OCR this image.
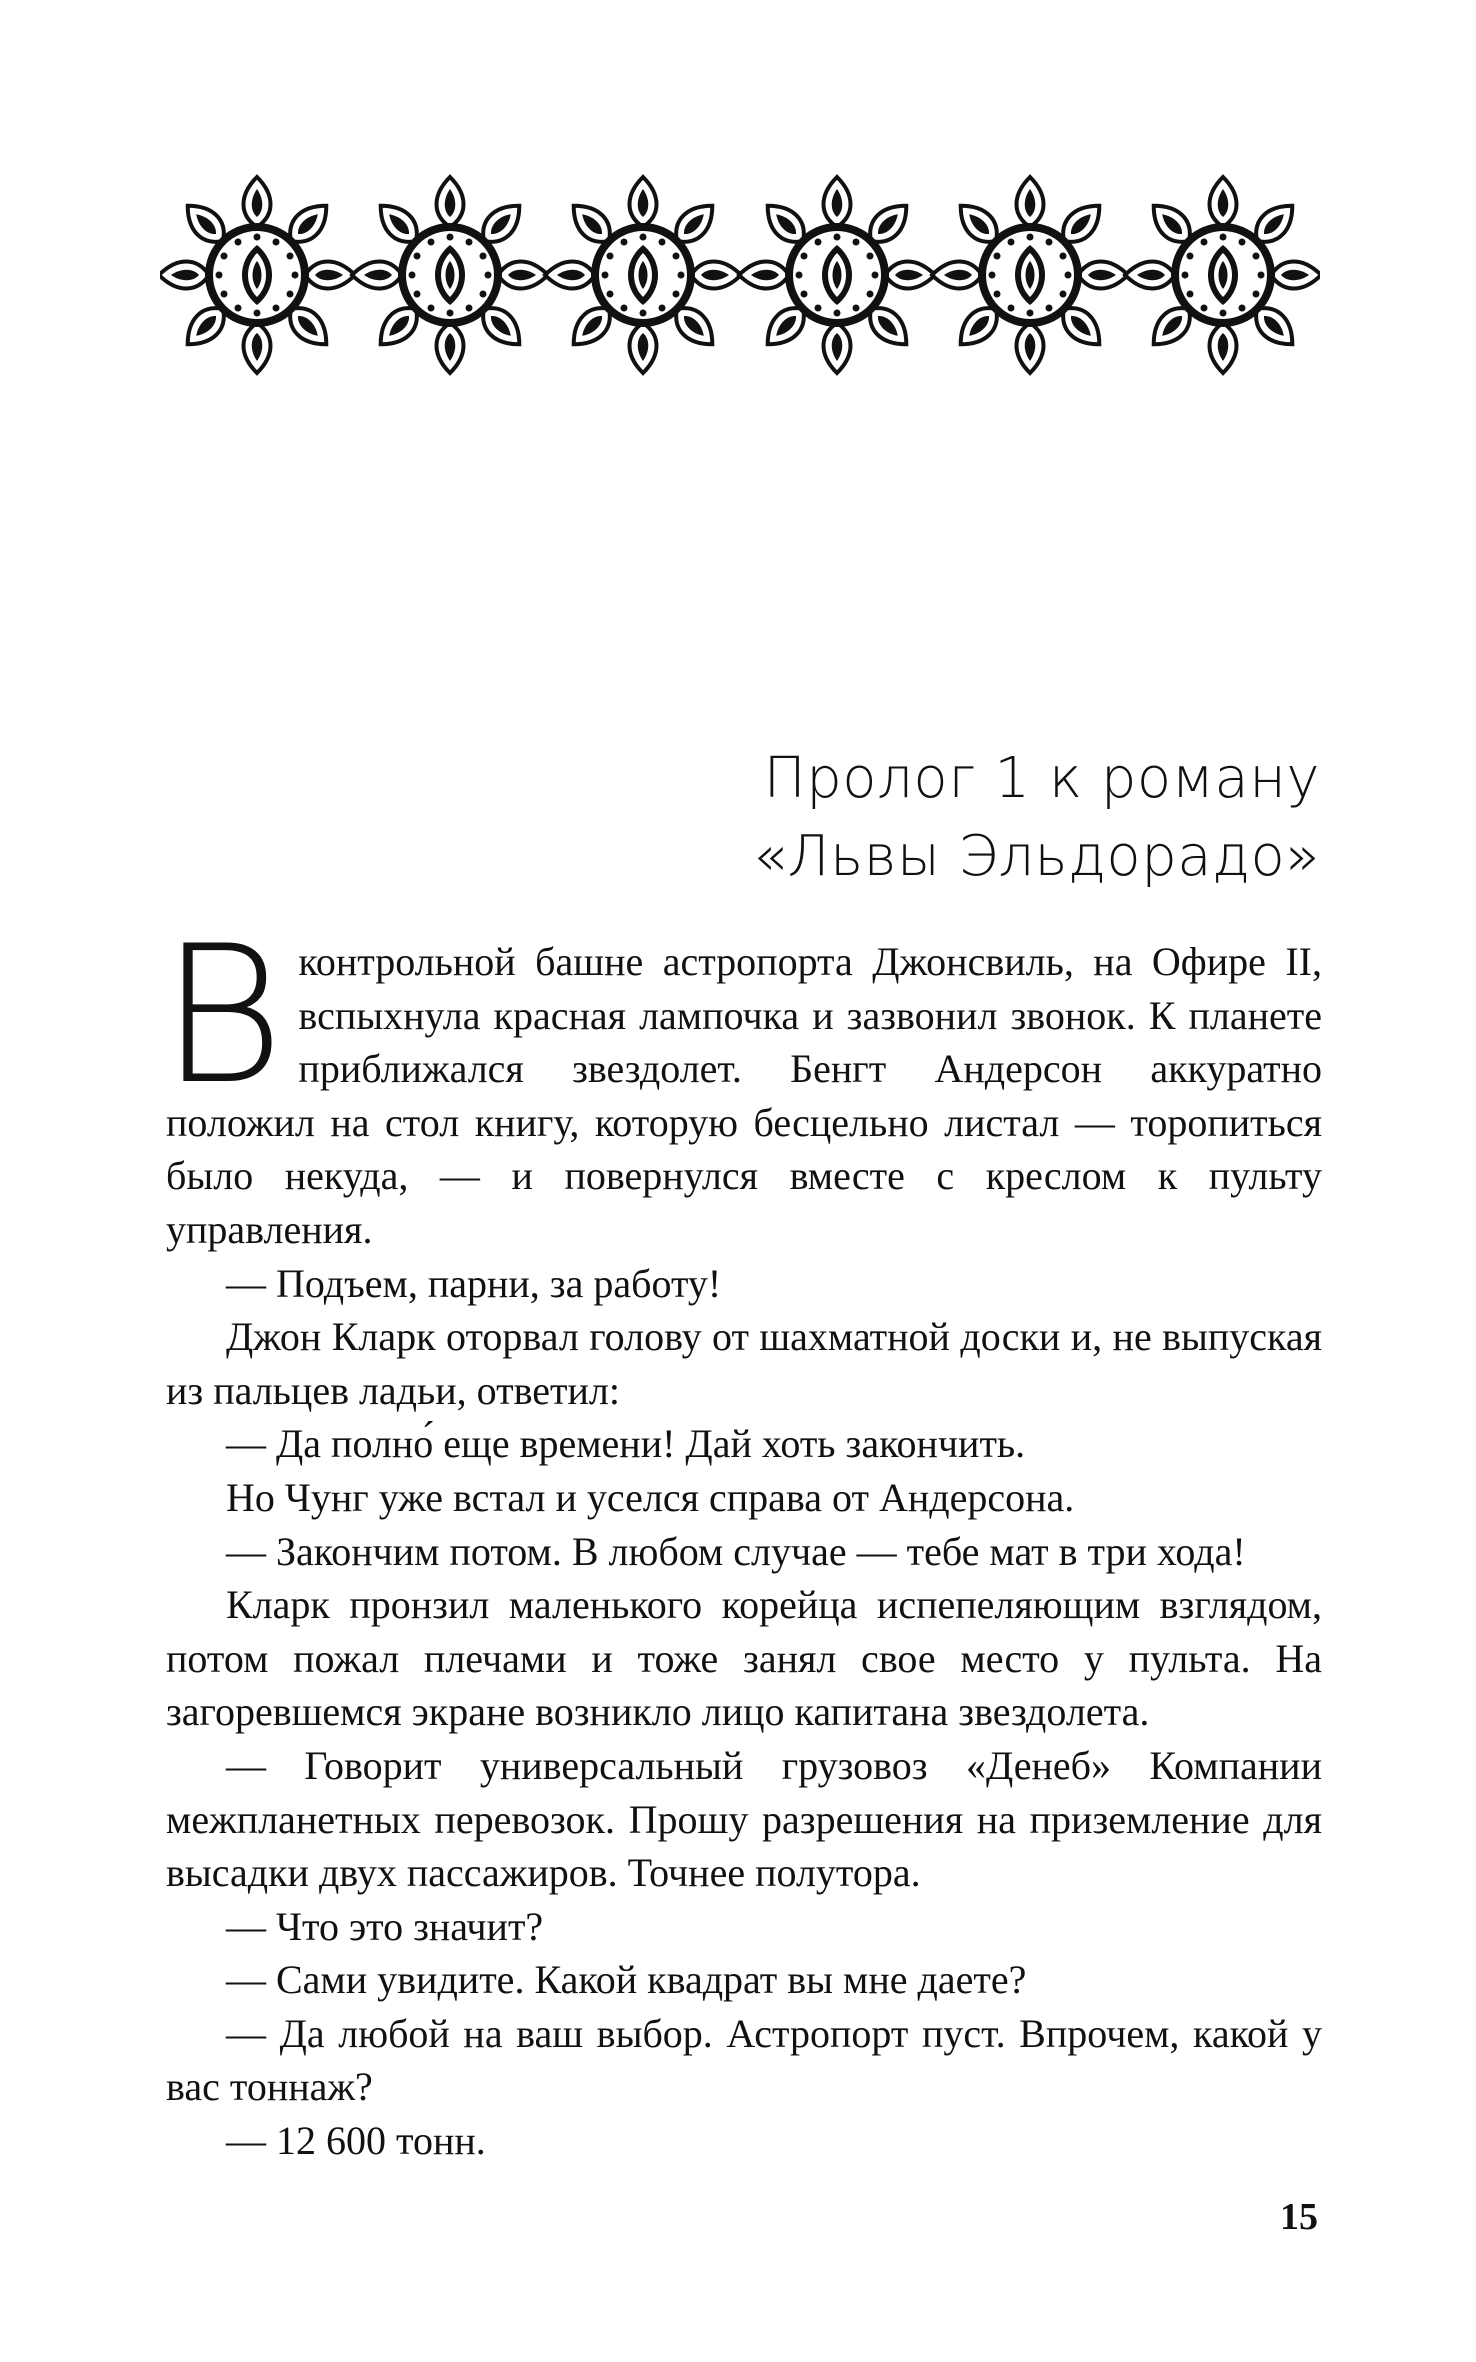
Пролог 1 к роману
«Львы Эльдорадо»

В контрольной башне астропорта Джонсвиль, на Офире II, вспыхнула красная лампочка и зазвонил звонок. К планете приближался звездолет. Бенгт Андерсон аккуратно положил на стол книгу, которую бесцельно листал — торопиться было некуда, — и повернулся вместе с креслом к пульту управления.

— Подъем, парни, за работу!

Джон Кларк оторвал голову от шахматной доски и, не выпуская из пальцев ладьи, ответил:

— Да полно́ еще времени! Дай хоть закончить.

Но Чунг уже встал и уселся справа от Андерсона.

— Закончим потом. В любом случае — тебе мат в три хода!

Кларк пронзил маленького корейца испепеляющим взглядом, потом пожал плечами и тоже занял свое место у пульта. На загоревшемся экране возникло лицо капитана звездолета.

— Говорит универсальный грузовоз «Денеб» Компании межпланетных перевозок. Прошу разрешения на приземление для высадки двух пассажиров. Точнее полутора.

— Что это значит?

— Сами увидите. Какой квадрат вы мне даете?

— Да любой на ваш выбор. Астропорт пуст. Впрочем, какой у вас тоннаж?

— 12 600 тонн.

15
